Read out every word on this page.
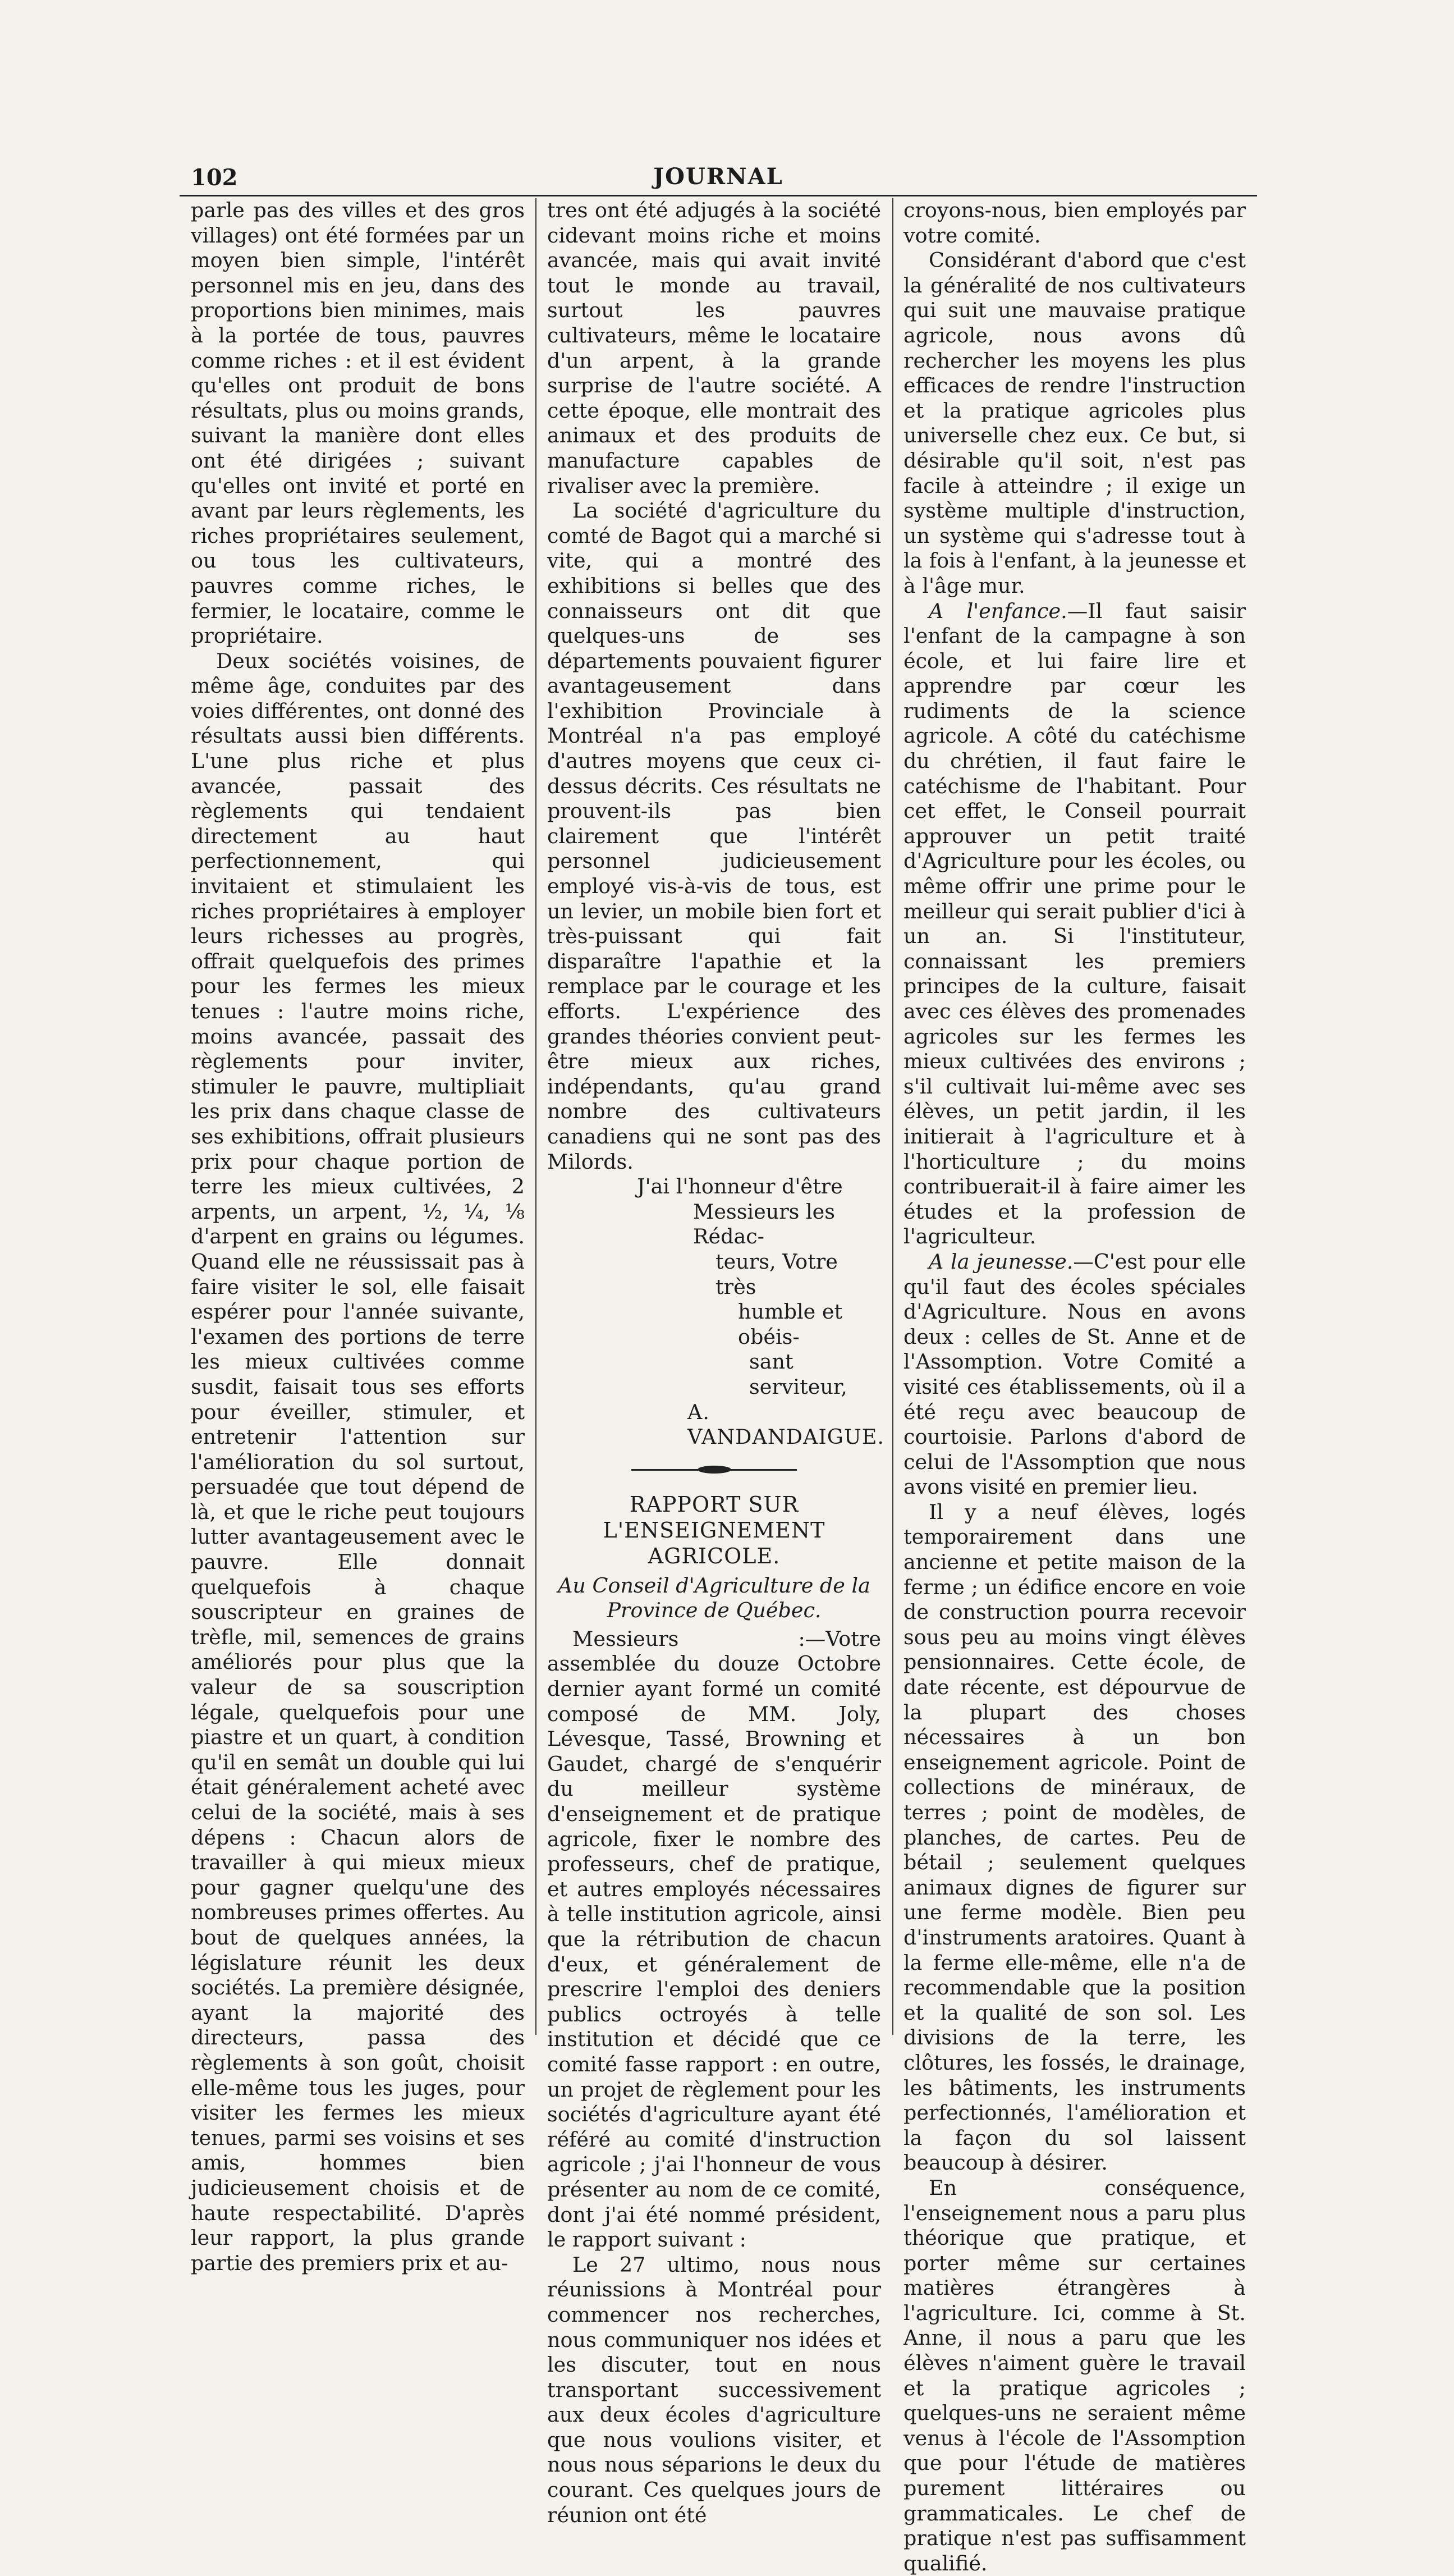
102	JOURNAL

parle pas des villes et des gros villages) ont été formées par un moyen bien simple, l'intérêt personnel mis en jeu, dans des proportions bien minimes, mais à la portée de tous, pauvres comme riches : et il est évident qu'elles ont produit de bons résultats, plus ou moins grands, suivant la manière dont elles ont été dirigées ; suivant qu'elles ont invité et porté en avant par leurs règlements, les riches propriétaires seulement, ou tous les cultivateurs, pauvres comme riches, le fermier, le locataire, comme le propriétaire.

Deux sociétés voisines, de même âge, conduites par des voies différentes, ont donné des résultats aussi bien différents. L'une plus riche et plus avancée, passait des règlements qui tendaient directement au haut perfectionnement, qui invitaient et stimulaient les riches propriétaires à employer leurs richesses au progrès, offrait quelquefois des primes pour les fermes les mieux tenues : l'autre moins riche, moins avancée, passait des règlements pour inviter, stimuler le pauvre, multipliait les prix dans chaque classe de ses exhibitions, offrait plusieurs prix pour chaque portion de terre les mieux cultivées, 2 arpents, un arpent, ½, ¼, ⅛ d'arpent en grains ou légumes. Quand elle ne réussissait pas à faire visiter le sol, elle faisait espérer pour l'année suivante, l'examen des portions de terre les mieux cultivées comme susdit, faisait tous ses efforts pour éveiller, stimuler, et entretenir l'attention sur l'amélioration du sol surtout, persuadée que tout dépend de là, et que le riche peut toujours lutter avantageusement avec le pauvre. Elle donnait quelquefois à chaque souscripteur en graines de trèfle, mil, semences de grains améliorés pour plus que la valeur de sa souscription légale, quelquefois pour une piastre et un quart, à condition qu'il en semât un double qui lui était généralement acheté avec celui de la société, mais à ses dépens : Chacun alors de travailler à qui mieux mieux pour gagner quelqu'une des nombreuses primes offertes. Au bout de quelques années, la législature réunit les deux sociétés. La première désignée, ayant la majorité des directeurs, passa des règlements à son goût, choisit elle-même tous les juges, pour visiter les fermes les mieux tenues, parmi ses voisins et ses amis, hommes bien judicieusement choisis et de haute respectabilité. D'après leur rapport, la plus grande partie des premiers prix et au-

tres ont été adjugés à la société cidevant moins riche et moins avancée, mais qui avait invité tout le monde au travail, surtout les pauvres cultivateurs, même le locataire d'un arpent, à la grande surprise de l'autre société. A cette époque, elle montrait des animaux et des produits de manufacture capables de rivaliser avec la première.

La société d'agriculture du comté de Bagot qui a marché si vite, qui a montré des exhibitions si belles que des connaisseurs ont dit que quelques-uns de ses départements pouvaient figurer avantageusement dans l'exhibition Provinciale à Montréal n'a pas employé d'autres moyens que ceux ci-dessus décrits. Ces résultats ne prouvent-ils pas bien clairement que l'intérêt personnel judicieusement employé vis-à-vis de tous, est un levier, un mobile bien fort et très-puissant qui fait disparaître l'apathie et la remplace par le courage et les efforts. L'expérience des grandes théories convient peut-être mieux aux riches, indépendants, qu'au grand nombre des cultivateurs canadiens qui ne sont pas des Milords.

J'ai l'honneur d'être

Messieurs les Rédac-

teurs, Votre très

humble et obéis-

sant serviteur,

A. VANDANDAIGUE.

RAPPORT SUR L'ENSEIGNEMENT AGRICOLE.
Au Conseil d'Agriculture de la Province de Québec.

Messieurs :—Votre assemblée du douze Octobre dernier ayant formé un comité composé de MM. Joly, Lévesque, Tassé, Browning et Gaudet, chargé de s'enquérir du meilleur système d'enseignement et de pratique agricole, fixer le nombre des professeurs, chef de pratique, et autres employés nécessaires à telle institution agricole, ainsi que la rétribution de chacun d'eux, et généralement de prescrire l'emploi des deniers publics octroyés à telle institution et décidé que ce comité fasse rapport : en outre, un projet de règlement pour les sociétés d'agriculture ayant été référé au comité d'instruction agricole ; j'ai l'honneur de vous présenter au nom de ce comité, dont j'ai été nommé président, le rapport suivant :

Le 27 ultimo, nous nous réunissions à Montréal pour commencer nos recherches, nous communiquer nos idées et les discuter, tout en nous transportant successivement aux deux écoles d'agriculture que nous voulions visiter, et nous nous séparions le deux du courant. Ces quelques jours de réunion ont été

croyons-nous, bien employés par votre comité.

Considérant d'abord que c'est la généralité de nos cultivateurs qui suit une mauvaise pratique agricole, nous avons dû rechercher les moyens les plus efficaces de rendre l'instruction et la pratique agricoles plus universelle chez eux. Ce but, si désirable qu'il soit, n'est pas facile à atteindre ; il exige un système multiple d'instruction, un système qui s'adresse tout à la fois à l'enfant, à la jeunesse et à l'âge mur.

A l'enfance.—Il faut saisir l'enfant de la campagne à son école, et lui faire lire et apprendre par cœur les rudiments de la science agricole. A côté du catéchisme du chrétien, il faut faire le catéchisme de l'habitant. Pour cet effet, le Conseil pourrait approuver un petit traité d'Agriculture pour les écoles, ou même offrir une prime pour le meilleur qui serait publier d'ici à un an. Si l'instituteur, connaissant les premiers principes de la culture, faisait avec ces élèves des promenades agricoles sur les fermes les mieux cultivées des environs ; s'il cultivait lui-même avec ses élèves, un petit jardin, il les initierait à l'agriculture et à l'horticulture ; du moins contribuerait-il à faire aimer les études et la profession de l'agriculteur.

A la jeunesse.—C'est pour elle qu'il faut des écoles spéciales d'Agriculture. Nous en avons deux : celles de St. Anne et de l'Assomption. Votre Comité a visité ces établissements, où il a été reçu avec beaucoup de courtoisie. Parlons d'abord de celui de l'Assomption que nous avons visité en premier lieu.

Il y a neuf élèves, logés temporairement dans une ancienne et petite maison de la ferme ; un édifice encore en voie de construction pourra recevoir sous peu au moins vingt élèves pensionnaires. Cette école, de date récente, est dépourvue de la plupart des choses nécessaires à un bon enseignement agricole. Point de collections de minéraux, de terres ; point de modèles, de planches, de cartes. Peu de bétail ; seulement quelques animaux dignes de figurer sur une ferme modèle. Bien peu d'instruments aratoires. Quant à la ferme elle-même, elle n'a de recommendable que la position et la qualité de son sol. Les divisions de la terre, les clôtures, les fossés, le drainage, les bâtiments, les instruments perfectionnés, l'amélioration et la façon du sol laissent beaucoup à désirer.

En conséquence, l'enseignement nous a paru plus théorique que pratique, et porter même sur certaines matières étrangères à l'agriculture. Ici, comme à St. Anne, il nous a paru que les élèves n'aiment guère le travail et la pratique agricoles ; quelques-uns ne seraient même venus à l'école de l'Assomption que pour l'étude de matières purement littéraires ou grammaticales. Le chef de pratique n'est pas suffisamment qualifié.
